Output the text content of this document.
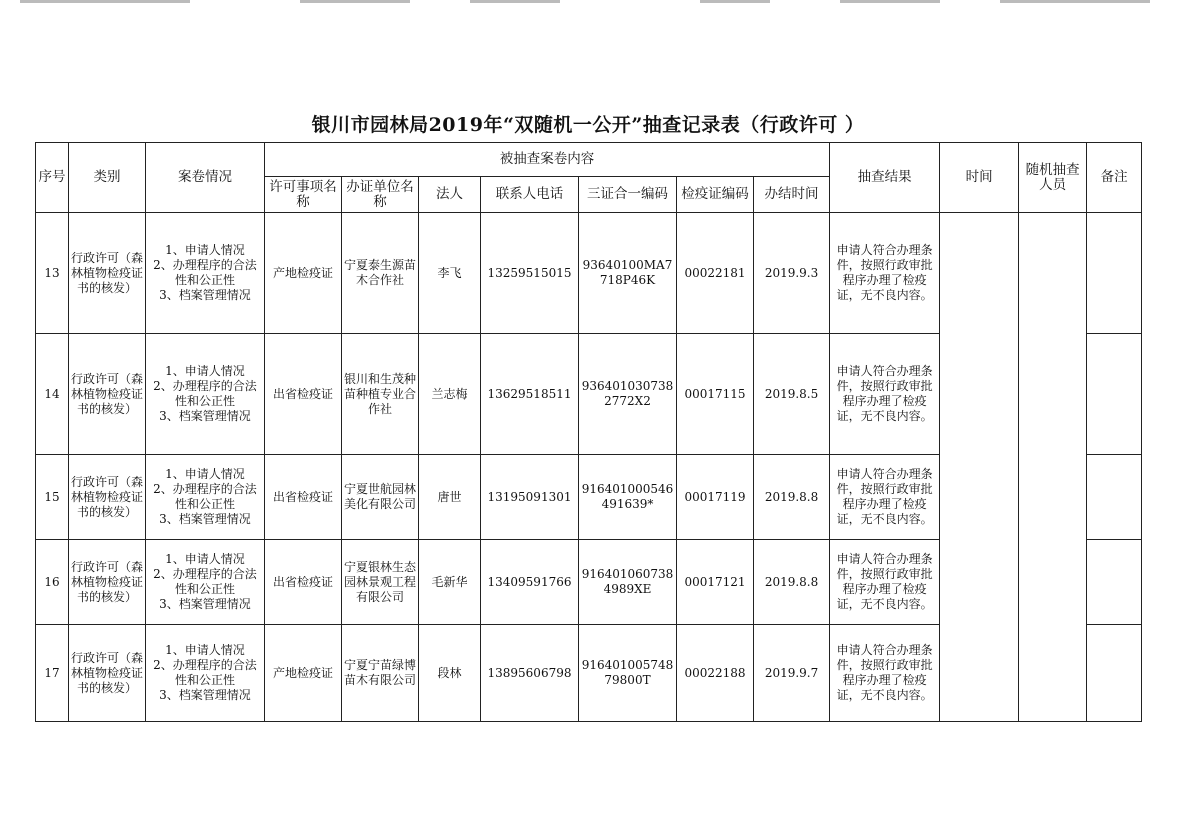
银川市园林局2019年“双随机一公开”抽查记录表（行政许可 ）
序号	类别	案卷情况	被抽查案卷内容							抽查结果	时间	随机抽查人员	备注
			许可事项名称	办证单位名称	法人	联系人电话	三证合一编码	检疫证编码	办结时间				
13	行政许可（森林植物检疫证书的核发）	1、申请人情况
2、办理程序的合法
性和公正性
3、档案管理情况	产地检疫证	宁夏泰生源苗木合作社	李飞	13259515015	93640100MA7718P46K	00022181	2019.9.3	申请人符合办理条件，按照行政审批程序办理了检疫证，无不良内容。			
14	行政许可（森林植物检疫证书的核发）	1、申请人情况
2、办理程序的合法
性和公正性
3、档案管理情况	出省检疫证	银川和生茂种苗种植专业合作社	兰志梅	13629518511	9364010307382772X2	00017115	2019.8.5	申请人符合办理条件，按照行政审批程序办理了检疫证，无不良内容。			
15	行政许可（森林植物检疫证书的核发）	1、申请人情况
2、办理程序的合法
性和公正性
3、档案管理情况	出省检疫证	宁夏世航园林美化有限公司	唐世	13195091301	916401000546491639*	00017119	2019.8.8	申请人符合办理条件，按照行政审批程序办理了检疫证，无不良内容。			
16	行政许可（森林植物检疫证书的核发）	1、申请人情况
2、办理程序的合法
性和公正性
3、档案管理情况	出省检疫证	宁夏银林生态园林景观工程有限公司	毛新华	13409591766	9164010607384989XE	00017121	2019.8.8	申请人符合办理条件，按照行政审批程序办理了检疫证，无不良内容。			
17	行政许可（森林植物检疫证书的核发）	1、申请人情况
2、办理程序的合法
性和公正性
3、档案管理情况	产地检疫证	宁夏宁苗绿博苗木有限公司	段林	13895606798	91640100574879800T	00022188	2019.9.7	申请人符合办理条件，按照行政审批程序办理了检疫证，无不良内容。			
